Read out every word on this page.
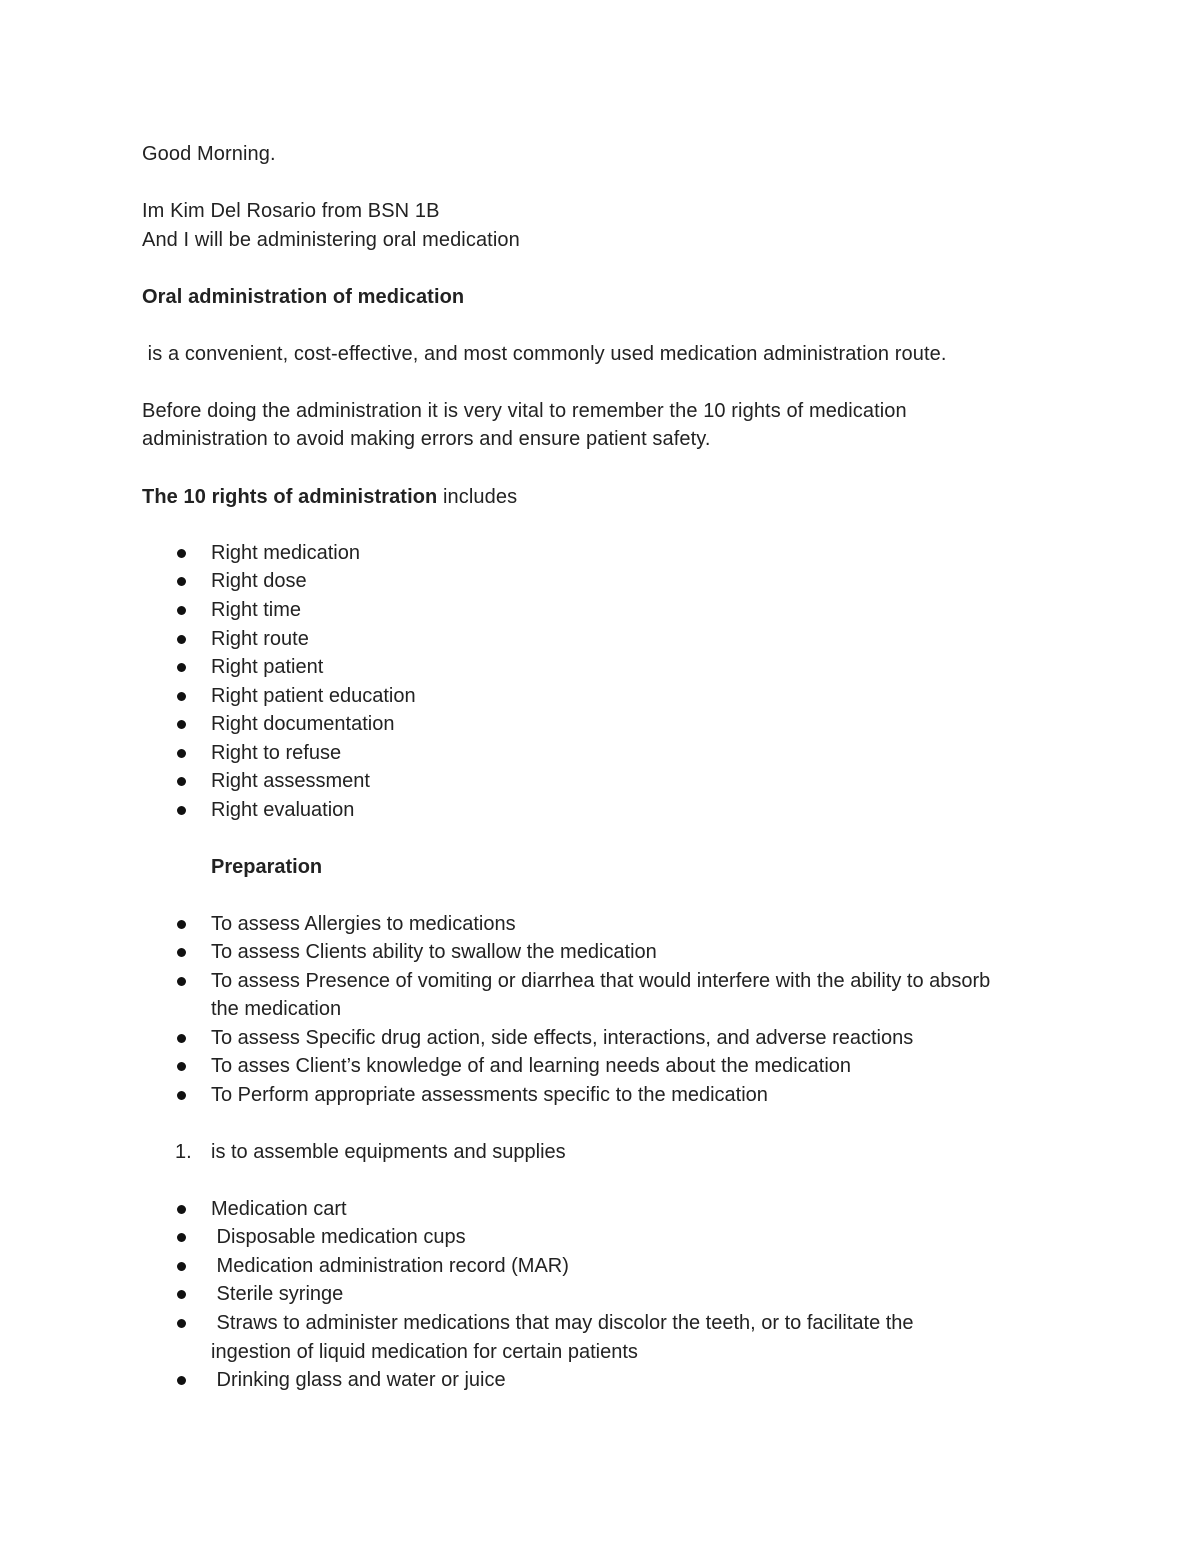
Good Morning.
Im Kim Del Rosario from BSN 1B
And I will be administering oral medication
Oral administration of medication
is a convenient, cost-effective, and most commonly used medication administration route.
Before doing the administration it is very vital to remember the 10 rights of medication
administration to avoid making errors and ensure patient safety.
The 10 rights of administration includes
Right medication
Right dose
Right time
Right route
Right patient
Right patient education
Right documentation
Right to refuse
Right assessment
Right evaluation
Preparation
To assess Allergies to medications
To assess Clients ability to swallow the medication
To assess Presence of vomiting or diarrhea that would interfere with the ability to absorb
the medication
To assess Specific drug action, side effects, interactions, and adverse reactions
To asses Client’s knowledge of and learning needs about the medication
To Perform appropriate assessments specific to the medication
1. is to assemble equipments and supplies
Medication cart
Disposable medication cups
Medication administration record (MAR)
Sterile syringe
Straws to administer medications that may discolor the teeth, or to facilitate the
ingestion of liquid medication for certain patients
Drinking glass and water or juice
